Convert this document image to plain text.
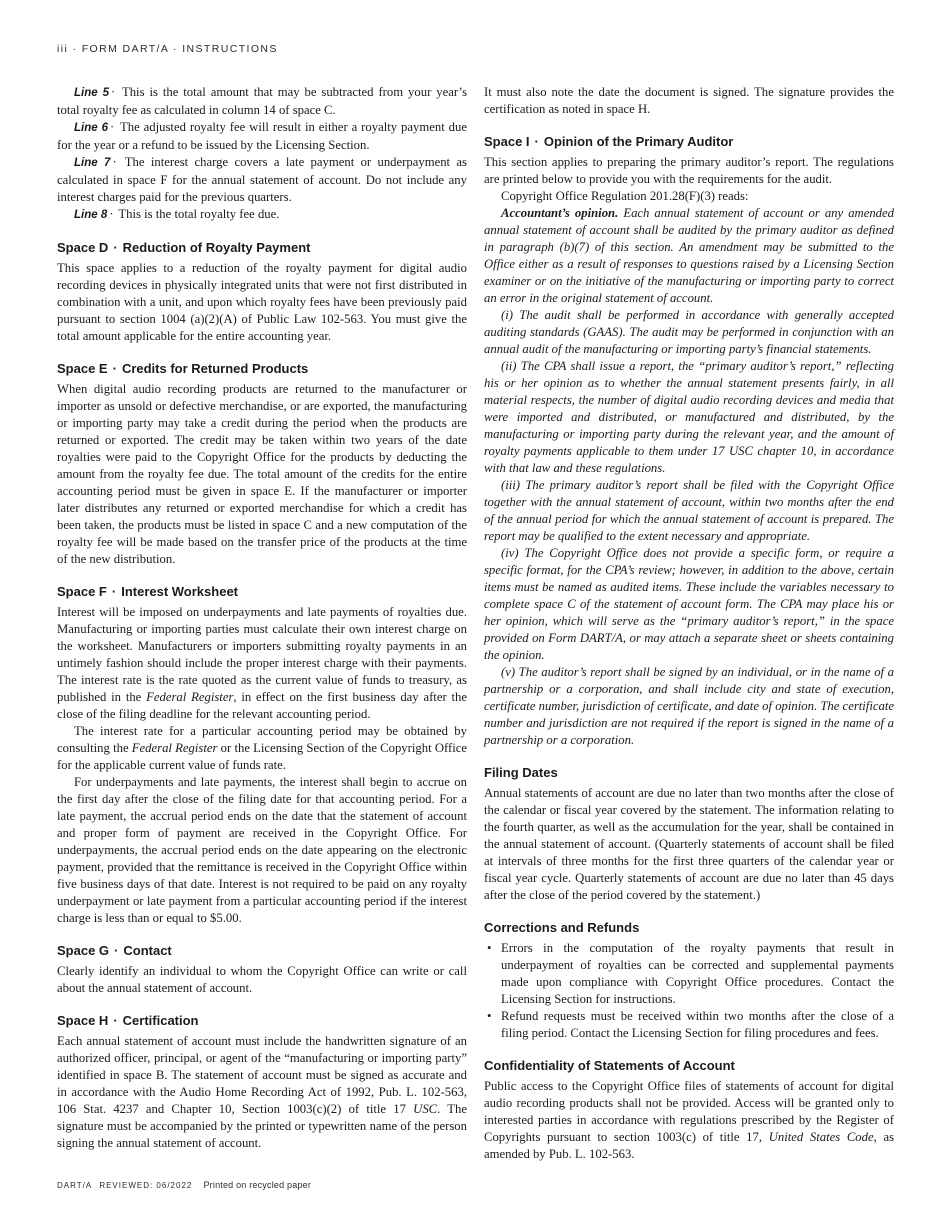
iii · FORM DART/A · INSTRUCTIONS

Line 5 · This is the total amount that may be subtracted from your year’s total royalty fee as calculated in column 14 of space C.

Line 6 · The adjusted royalty fee will result in either a royalty payment due for the year or a refund to be issued by the Licensing Section.

Line 7 · The interest charge covers a late payment or underpayment as calculated in space F for the annual statement of account. Do not include any interest charges paid for the previous quarters.

Line 8 · This is the total royalty fee due.

Space D · Reduction of Royalty Payment

This space applies to a reduction of the royalty payment for digital audio recording devices in physically integrated units that were not first distributed in combination with a unit, and upon which royalty fees have been previously paid pursuant to section 1004 (a)(2)(A) of Public Law 102-563. You must give the total amount applicable for the entire accounting year.

Space E · Credits for Returned Products

When digital audio recording products are returned to the manufacturer or importer as unsold or defective merchandise, or are exported, the manufacturing or importing party may take a credit during the period when the products are returned or exported. The credit may be taken within two years of the date royalties were paid to the Copyright Office for the products by deducting the amount from the royalty fee due. The total amount of the credits for the entire accounting period must be given in space E. If the manufacturer or importer later distributes any returned or exported merchandise for which a credit has been taken, the products must be listed in space C and a new computation of the royalty fee will be made based on the transfer price of the products at the time of the new distribution.

Space F · Interest Worksheet

Interest will be imposed on underpayments and late payments of royalties due. Manufacturing or importing parties must calculate their own interest charge on the worksheet. Manufacturers or importers submitting royalty payments in an untimely fashion should include the proper interest charge with their payments. The interest rate is the rate quoted as the current value of funds to treasury, as published in the Federal Register, in effect on the first business day after the close of the filing deadline for the relevant accounting period.

The interest rate for a particular accounting period may be obtained by consulting the Federal Register or the Licensing Section of the Copyright Office for the applicable current value of funds rate.

For underpayments and late payments, the interest shall begin to accrue on the first day after the close of the filing date for that accounting period. For a late payment, the accrual period ends on the date that the statement of account and proper form of payment are received in the Copyright Office. For underpayments, the accrual period ends on the date appearing on the electronic payment, provided that the remittance is received in the Copyright Office within five business days of that date. Interest is not required to be paid on any royalty underpayment or late payment from a particular accounting period if the interest charge is less than or equal to $5.00.

Space G · Contact

Clearly identify an individual to whom the Copyright Office can write or call about the annual statement of account.

Space H · Certification

Each annual statement of account must include the handwritten signature of an authorized officer, principal, or agent of the “manufacturing or importing party” identified in space B. The statement of account must be signed as accurate and in accordance with the Audio Home Recording Act of 1992, Pub. L. 102-563, 106 Stat. 4237 and Chapter 10, Section 1003(c)(2) of title 17 USC. The signature must be accompanied by the printed or typewritten name of the person signing the annual statement of account.

It must also note the date the document is signed. The signature provides the certification as noted in space H.

Space I · Opinion of the Primary Auditor

This section applies to preparing the primary auditor’s report. The regulations are printed below to provide you with the requirements for the audit.

Copyright Office Regulation 201.28(F)(3) reads:

Accountant’s opinion. Each annual statement of account or any amended annual statement of account shall be audited by the primary auditor as defined in paragraph (b)(7) of this section. An amendment may be submitted to the Office either as a result of responses to questions raised by a Licensing Section examiner or on the initiative of the manufacturing or importing party to correct an error in the original statement of account.

(i) The audit shall be performed in accordance with generally accepted auditing standards (GAAS). The audit may be performed in conjunction with an annual audit of the manufacturing or importing party’s financial statements.

(ii) The CPA shall issue a report, the “primary auditor’s report,” reflecting his or her opinion as to whether the annual statement presents fairly, in all material respects, the number of digital audio recording devices and media that were imported and distributed, or manufactured and distributed, by the manufacturing or importing party during the relevant year, and the amount of royalty payments applicable to them under 17 USC chapter 10, in accordance with that law and these regulations.

(iii) The primary auditor’s report shall be filed with the Copyright Office together with the annual statement of account, within two months after the end of the annual period for which the annual statement of account is prepared. The report may be qualified to the extent necessary and appropriate.

(iv) The Copyright Office does not provide a specific form, or require a specific format, for the CPA’s review; however, in addition to the above, certain items must be named as audited items. These include the variables necessary to complete space C of the statement of account form. The CPA may place his or her opinion, which will serve as the “primary auditor’s report,” in the space provided on Form DART/A, or may attach a separate sheet or sheets containing the opinion.

(v) The auditor’s report shall be signed by an individual, or in the name of a partnership or a corporation, and shall include city and state of execution, certificate number, jurisdiction of certificate, and date of opinion. The certificate number and jurisdiction are not required if the report is signed in the name of a partnership or a corporation.

Filing Dates

Annual statements of account are due no later than two months after the close of the calendar or fiscal year covered by the statement. The information relating to the fourth quarter, as well as the accumulation for the year, shall be contained in the annual statement of account. (Quarterly statements of account shall be filed at intervals of three months for the first three quarters of the calendar year or fiscal year cycle. Quarterly statements of account are due no later than 45 days after the close of the period covered by the statement.)

Corrections and Refunds
• Errors in the computation of the royalty payments that result in underpayment of royalties can be corrected and supplemental payments made upon compliance with Copyright Office procedures. Contact the Licensing Section for instructions.
• Refund requests must be received within two months after the close of a filing period. Contact the Licensing Section for filing procedures and fees.
Confidentiality of Statements of Account

Public access to the Copyright Office files of statements of account for digital audio recording products shall not be provided. Access will be granted only to interested parties in accordance with regulations prescribed by the Register of Copyrights pursuant to section 1003(c) of title 17, United States Code, as amended by Pub. L. 102-563.

DART/A REVIEWED: 06/2022 Printed on recycled paper
